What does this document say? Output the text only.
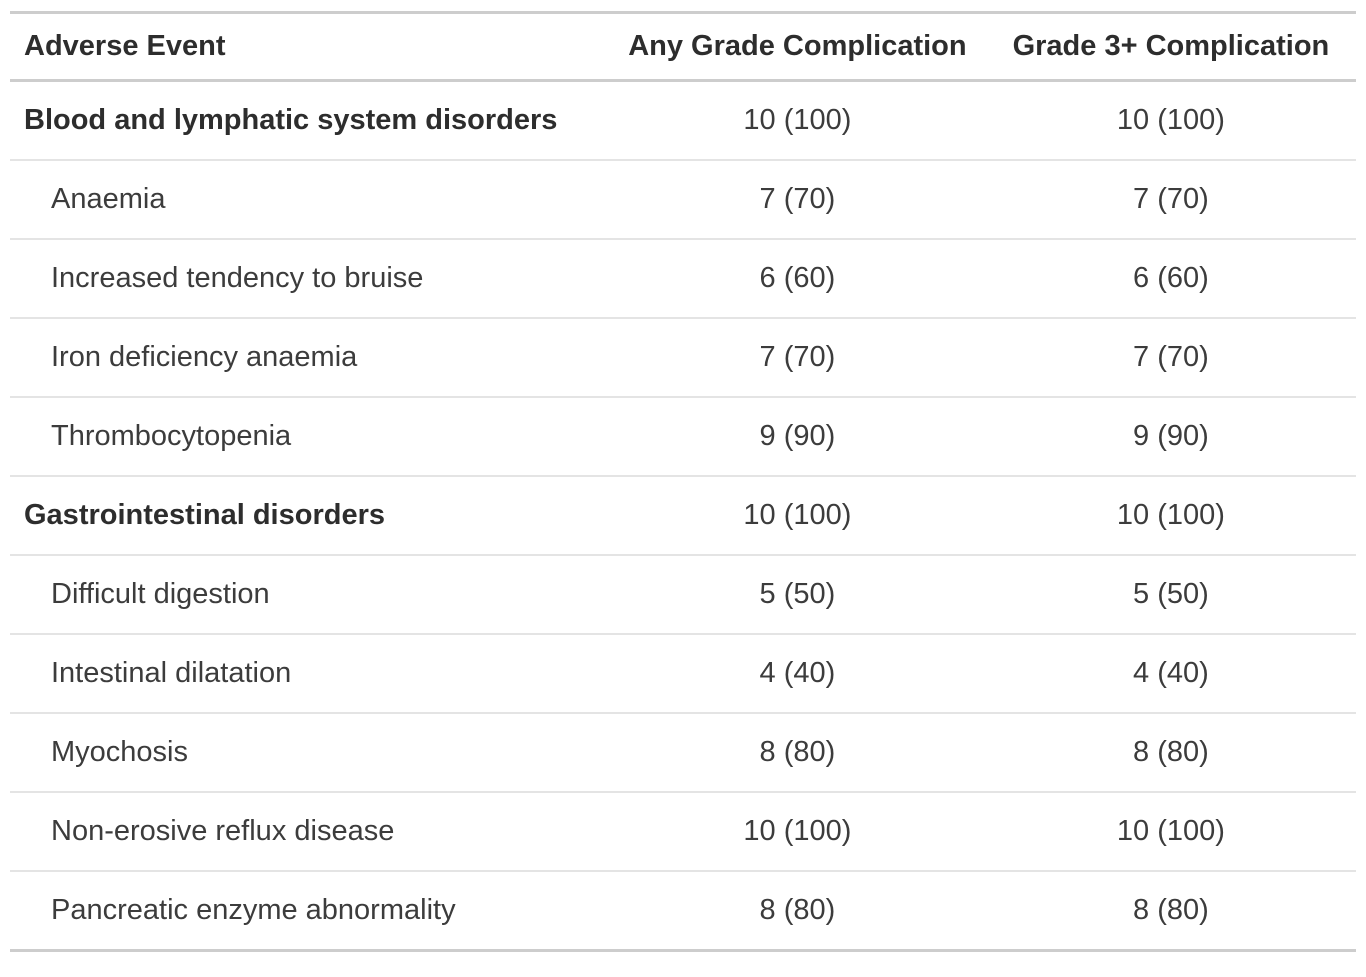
Adverse Event	Any Grade Complication	Grade 3+ Complication
Blood and lymphatic system disorders	10 (100)	10 (100)
Anaemia	7 (70)	7 (70)
Increased tendency to bruise	6 (60)	6 (60)
Iron deficiency anaemia	7 (70)	7 (70)
Thrombocytopenia	9 (90)	9 (90)
Gastrointestinal disorders	10 (100)	10 (100)
Difficult digestion	5 (50)	5 (50)
Intestinal dilatation	4 (40)	4 (40)
Myochosis	8 (80)	8 (80)
Non-erosive reflux disease	10 (100)	10 (100)
Pancreatic enzyme abnormality	8 (80)	8 (80)
